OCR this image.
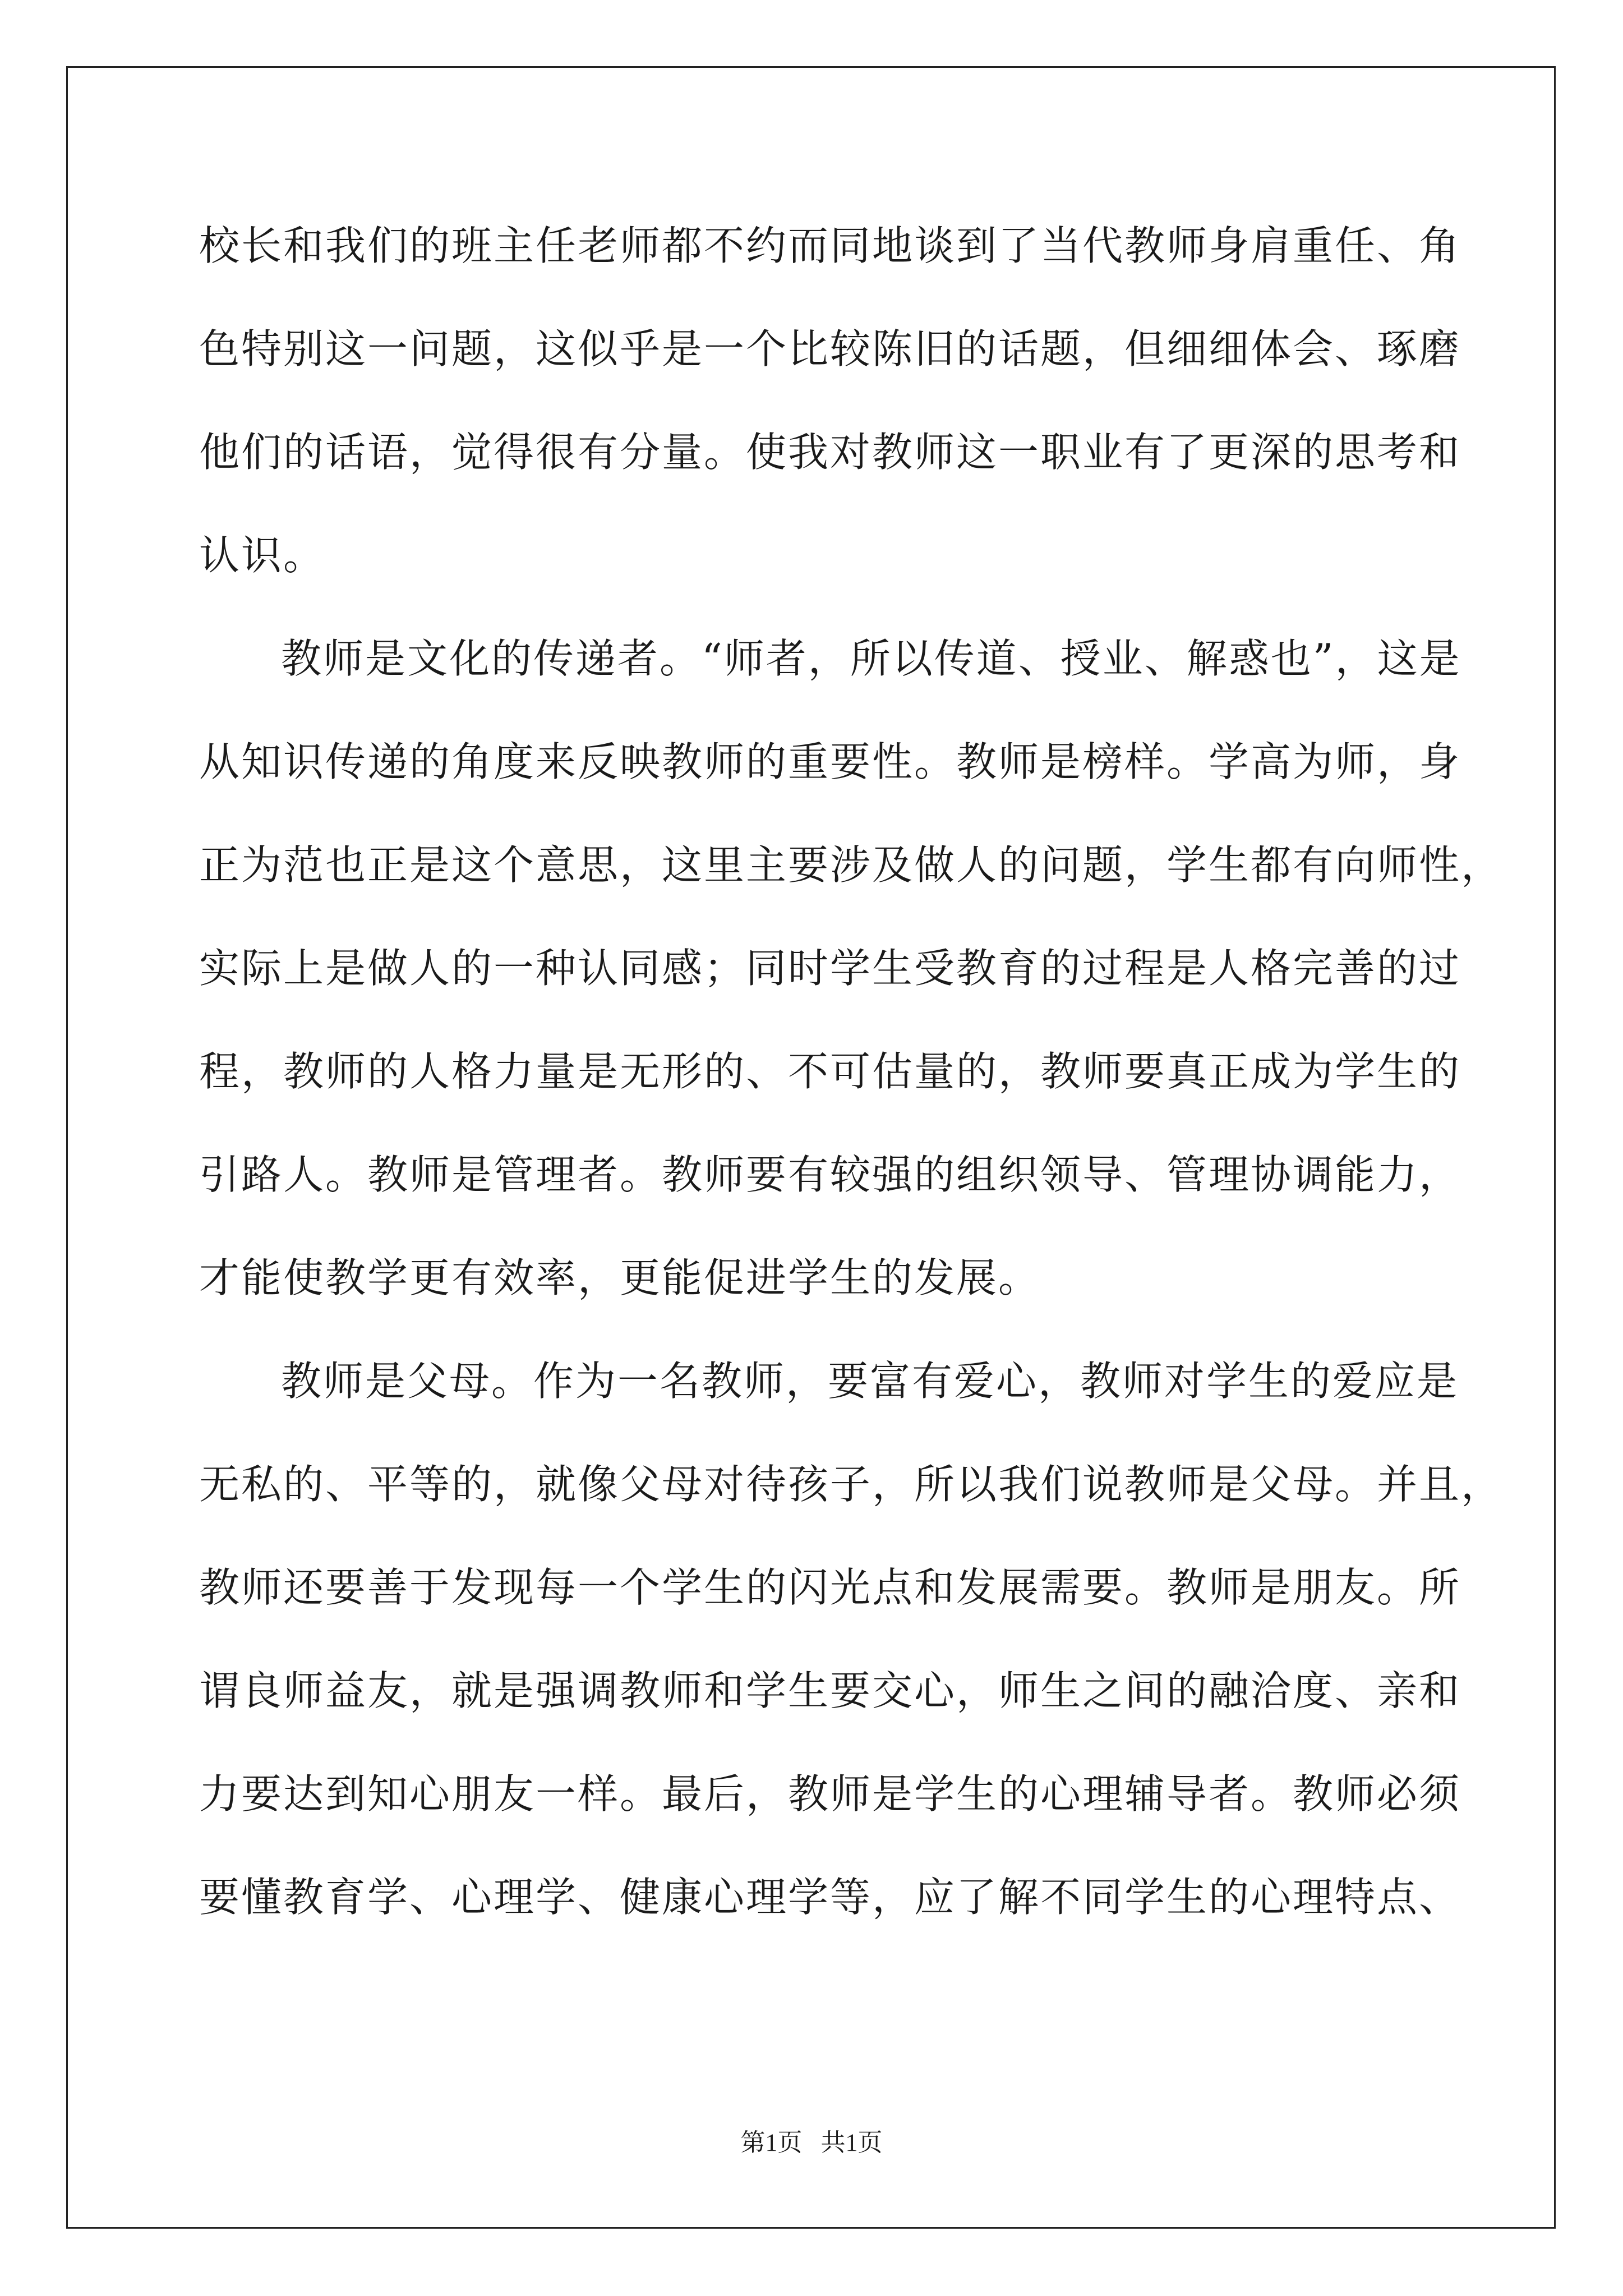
校长和我们的班主任老师都不约而同地谈到了当代教师身肩重任、角
色特别这一问题，这似乎是一个比较陈旧的话题，但细细体会、琢磨
他们的话语，觉得很有分量。使我对教师这一职业有了更深的思考和
认识。
教师是文化的传递者。“师者，所以传道、授业、解惑也”，这是
从知识传递的角度来反映教师的重要性。教师是榜样。学高为师，身
正为范也正是这个意思，这里主要涉及做人的问题，学生都有向师性，
实际上是做人的一种认同感；同时学生受教育的过程是人格完善的过
程，教师的人格力量是无形的、不可估量的，教师要真正成为学生的
引路人。教师是管理者。教师要有较强的组织领导、管理协调能力，
才能使教学更有效率，更能促进学生的发展。
教师是父母。作为一名教师，要富有爱心，教师对学生的爱应是
无私的、平等的，就像父母对待孩子，所以我们说教师是父母。并且，
教师还要善于发现每一个学生的闪光点和发展需要。教师是朋友。所
谓良师益友，就是强调教师和学生要交心，师生之间的融洽度、亲和
力要达到知心朋友一样。最后，教师是学生的心理辅导者。教师必须
要懂教育学、心理学、健康心理学等，应了解不同学生的心理特点、
第1页   共1页
